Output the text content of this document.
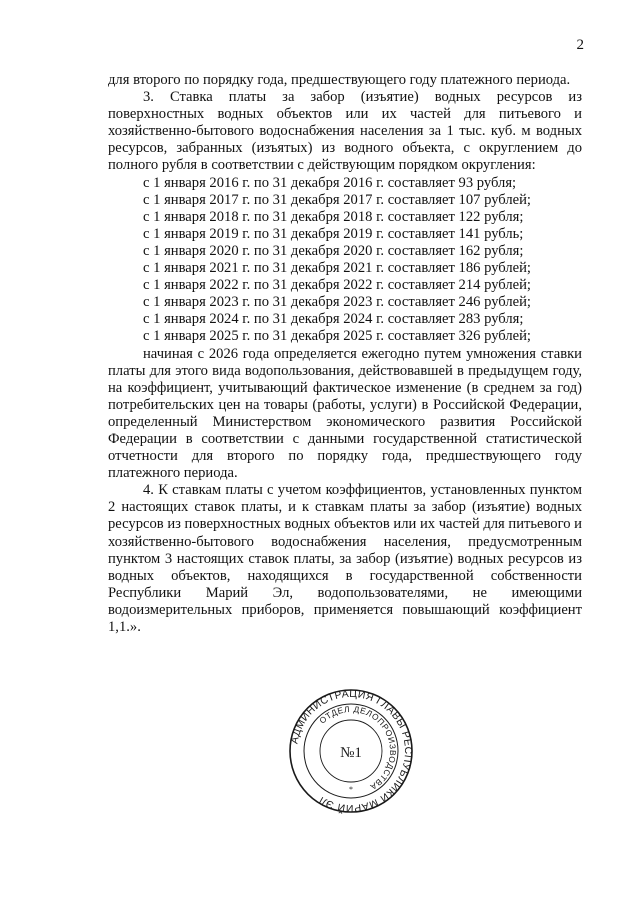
2

для второго по порядку года, предшествующего году платежного периода.

3. Ставка платы за забор (изъятие) водных ресурсов из поверхностных водных объектов или их частей для питьевого и хозяйственно-бытового водоснабжения населения за 1 тыс. куб. м водных ресурсов, забранных (изъятых) из водного объекта, с округлением до полного рубля в соответствии с действующим порядком округления:

с 1 января 2016 г. по 31 декабря 2016 г. составляет 93 рубля;

с 1 января 2017 г. по 31 декабря 2017 г. составляет 107 рублей;

с 1 января 2018 г. по 31 декабря 2018 г. составляет 122 рубля;

с 1 января 2019 г. по 31 декабря 2019 г. составляет 141 рубль;

с 1 января 2020 г. по 31 декабря 2020 г. составляет 162 рубля;

с 1 января 2021 г. по 31 декабря 2021 г. составляет 186 рублей;

с 1 января 2022 г. по 31 декабря 2022 г. составляет 214 рублей;

с 1 января 2023 г. по 31 декабря 2023 г. составляет 246 рублей;

с 1 января 2024 г. по 31 декабря 2024 г. составляет 283 рубля;

с 1 января 2025 г. по 31 декабря 2025 г. составляет 326 рублей;

начиная с 2026 года определяется ежегодно путем умножения ставки платы для этого вида водопользования, действовавшей в предыдущем году, на коэффициент, учитывающий фактическое изменение (в среднем за год) потребительских цен на товары (работы, услуги) в Российской Федерации, определенный Министерством экономического развития Российской Федерации в соответствии с данными государственной статистической отчетности для второго по порядку года, предшествующего году платежного периода.

4. К ставкам платы с учетом коэффициентов, установленных пунктом 2 настоящих ставок платы, и к ставкам платы за забор (изъятие) водных ресурсов из поверхностных водных объектов или их частей для питьевого и хозяйственно-бытового водоснабжения населения, предусмотренным пунктом 3 настоящих ставок платы, за забор (изъятие) водных ресурсов из водных объектов, находящихся в государственной собственности Республики Марий Эл, водопользователями, не имеющими водоизмерительных приборов, применяется повышающий коэффициент 1,1.».

АДМИНИСТРАЦИЯ ГЛАВЫ РЕСПУБЛИКИ МАРИЙ ЭЛ
ОТДЕЛ ДЕЛОПРОИЗВОДСТВА
№1
*
